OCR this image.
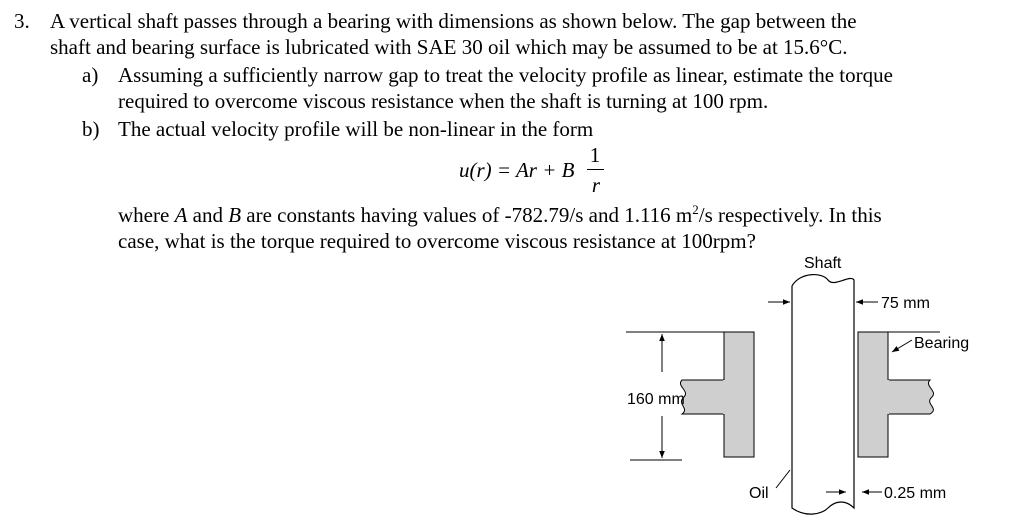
3. A vertical shaft passes through a bearing with dimensions as shown below. The gap between the
shaft and bearing surface is lubricated with SAE 30 oil which may be assumed to be at 15.6°C.
a) Assuming a sufficiently narrow gap to treat the velocity profile as linear, estimate the torque
required to overcome viscous resistance when the shaft is turning at 100 rpm.
b) The actual velocity profile will be non-linear in the form
u(r) = Ar + B
1
r
where A and B are constants having values of -782.79/s and 1.116 $m^2/s$ respectively. In this
case, what is the torque required to overcome viscous resistance at 100rpm?
Shaft
75 mm
Bearing
160 mm
Oil	0.25 mm
